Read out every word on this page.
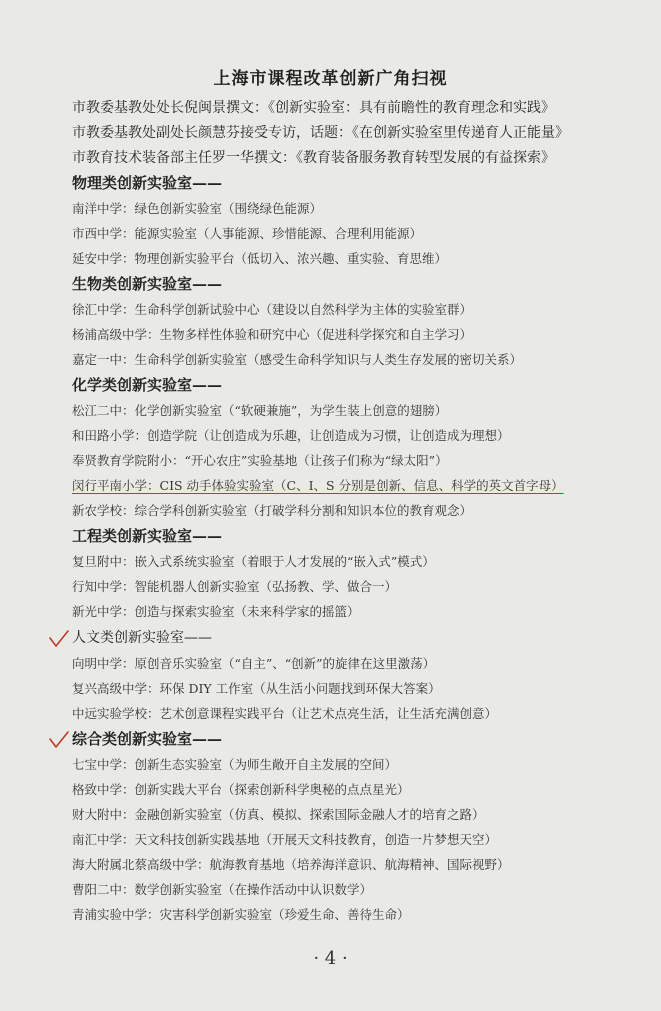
上海市课程改革创新广角扫视
市教委基教处处长倪闽景撰文：《创新实验室：具有前瞻性的教育理念和实践》
市教委基教处副处长颜慧芬接受专访，话题：《在创新实验室里传递育人正能量》
市教育技术装备部主任罗一华撰文：《教育装备服务教育转型发展的有益探索》
物理类创新实验室——
南洋中学：绿色创新实验室（围绕绿色能源）
市西中学：能源实验室（人事能源、珍惜能源、合理利用能源）
延安中学：物理创新实验平台（低切入、浓兴趣、重实验、育思维）
生物类创新实验室——
徐汇中学：生命科学创新试验中心（建设以自然科学为主体的实验室群）
杨浦高级中学：生物多样性体验和研究中心（促进科学探究和自主学习）
嘉定一中：生命科学创新实验室（感受生命科学知识与人类生存发展的密切关系）
化学类创新实验室——
松江二中：化学创新实验室（“软硬兼施”，为学生装上创意的翅膀）
和田路小学：创造学院（让创造成为乐趣，让创造成为习惯，让创造成为理想）
奉贤教育学院附小：“开心农庄”实验基地（让孩子们称为“绿太阳”）
闵行平南小学：CIS 动手体验实验室（C、I、S 分别是创新、信息、科学的英文首字母）
新农学校：综合学科创新实验室（打破学科分割和知识本位的教育观念）
工程类创新实验室——
复旦附中：嵌入式系统实验室（着眼于人才发展的“嵌入式”模式）
行知中学：智能机器人创新实验室（弘扬教、学、做合一）
新光中学：创造与探索实验室（未来科学家的摇篮）
人文类创新实验室——
向明中学：原创音乐实验室（“自主”、“创新”的旋律在这里激荡）
复兴高级中学：环保 DIY 工作室（从生活小问题找到环保大答案）
中远实验学校：艺术创意课程实践平台（让艺术点亮生活，让生活充满创意）
综合类创新实验室——
七宝中学：创新生态实验室（为师生敞开自主发展的空间）
格致中学：创新实践大平台（探索创新科学奥秘的点点星光）
财大附中：金融创新实验室（仿真、模拟、探索国际金融人才的培育之路）
南汇中学：天文科技创新实践基地（开展天文科技教育，创造一片梦想天空）
海大附属北蔡高级中学：航海教育基地（培养海洋意识、航海精神、国际视野）
曹阳二中：数学创新实验室（在操作活动中认识数学）
青浦实验中学：灾害科学创新实验室（珍爱生命、善待生命）
· 4 ·
